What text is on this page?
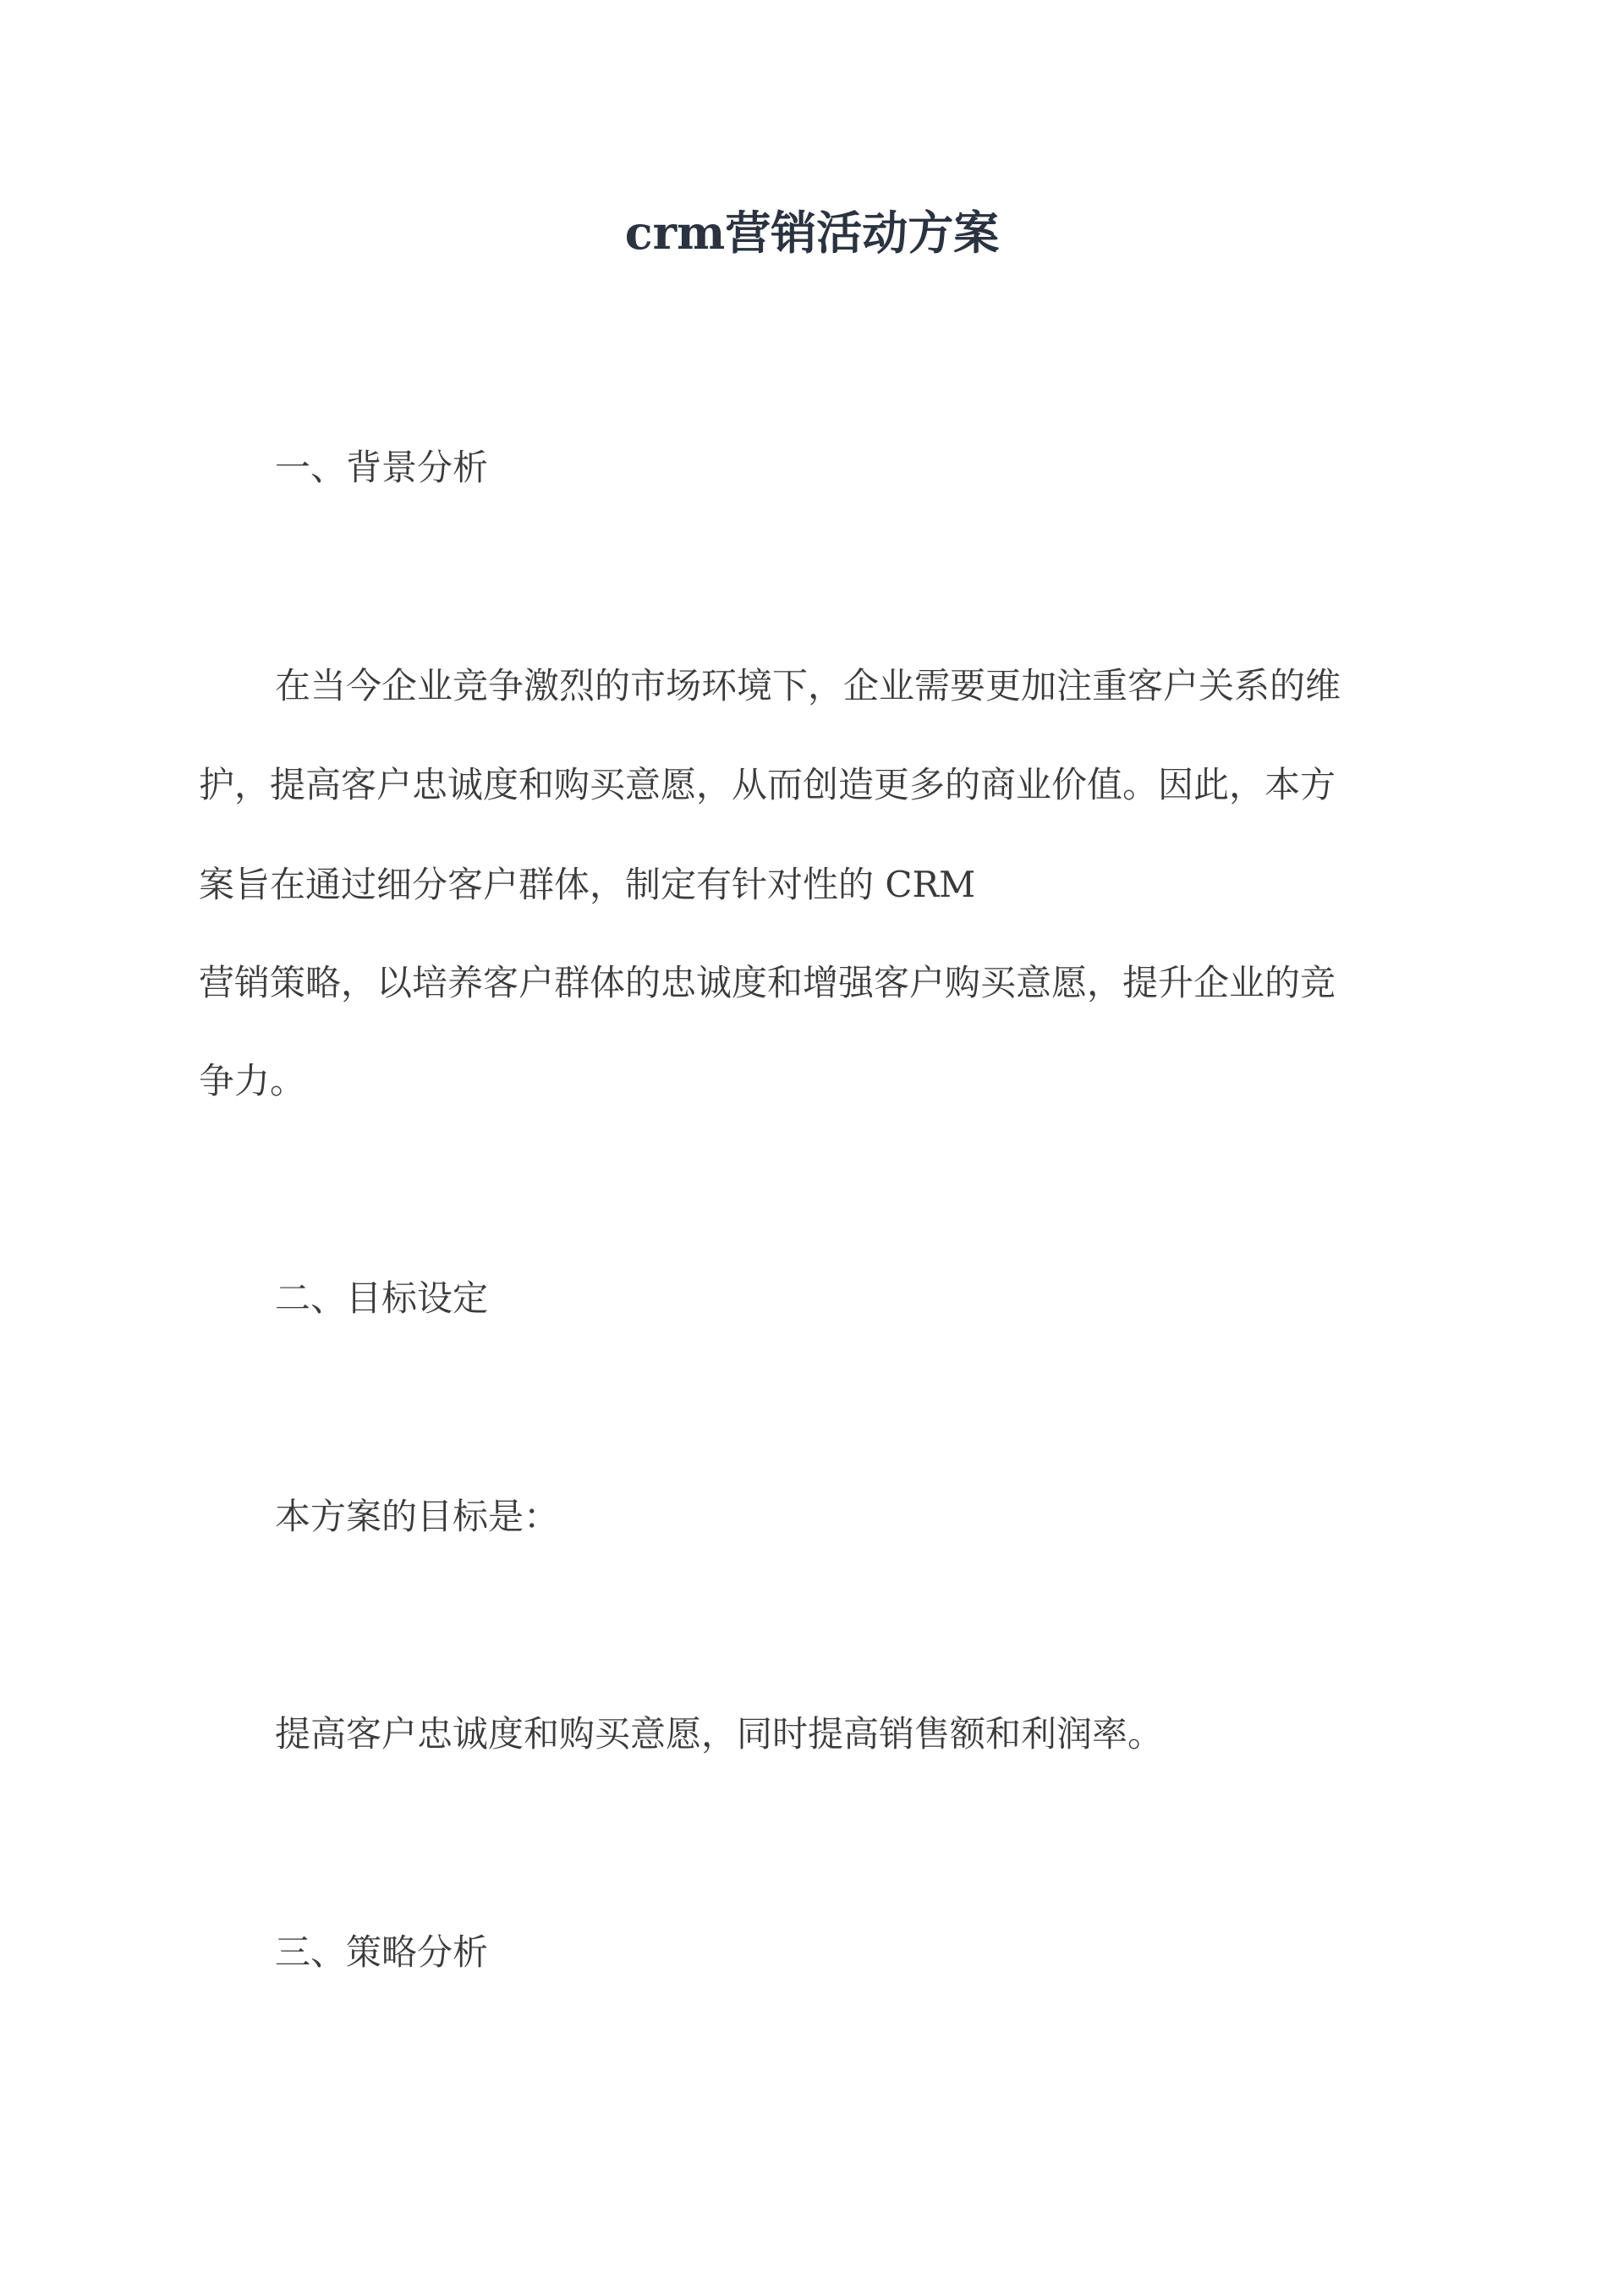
crm营销活动方案
一、背景分析
在当今企业竞争激烈的市场环境下，企业需要更加注重客户关系的维
护，提高客户忠诚度和购买意愿，从而创造更多的商业价值。因此，本方
案旨在通过细分客户群体，制定有针对性的 CRM
营销策略，以培养客户群体的忠诚度和增强客户购买意愿，提升企业的竞
争力。
二、目标设定
本方案的目标是：
提高客户忠诚度和购买意愿，同时提高销售额和利润率。
三、策略分析
